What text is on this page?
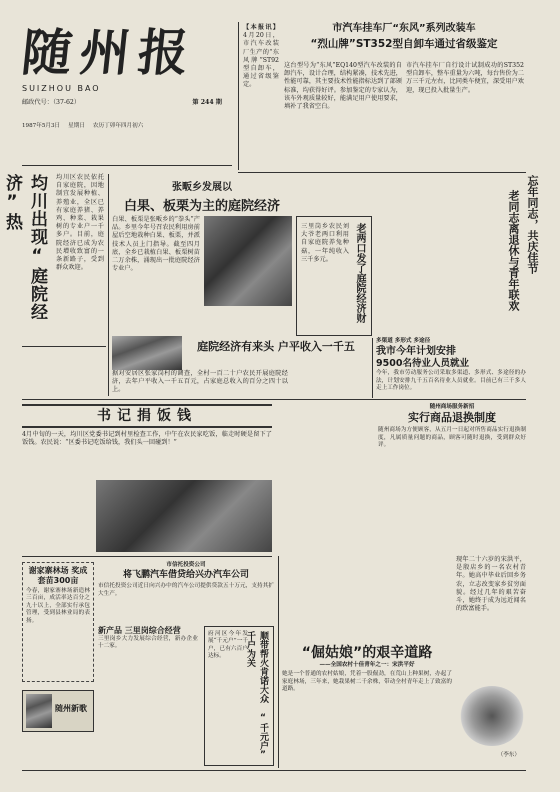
随州报
SUIZHOU BAO
邮政代号：（37-62）	第 244 期
1987年5月3日 星期日 农历丁卯年四月初六
【本报讯】 4月20日，市汽车改装厂生产的“东风牌”ST92型自卸车，通过省级鉴定。
市汽车挂车厂“东风”系列改装车
“烈山牌”ST352型自卸车通过省级鉴定
这台型号为“东风”EQ140型汽车改装的自卸汽车，设计合理，结构紧凑，技术先进，性能可靠，其主要技术性能指标达到了部颁标准，均获得好评。参加鉴定的专家认为，该车外观质量较好，能满足用户使用要求，填补了我省空白。
市汽车挂车厂自行设计试制成功的ST352型自卸车，整车重量为六吨，每台售价为二万三千元左右，比同类车便宜，深受用户欢迎，现已投入批量生产。
忘年同志，共庆佳节
老同志离退休与青年联欢
均川出现“庭院经济”热	均川区农民依托自家庭院，因地制宜发展种植、养殖业，全区已有家庭养猪、养鸡、种菜、栽果树的专业户一千多户。目前，庭院经济已成为农民增收致富的一条新路子，受到群众欢迎。
张畈乡发展以
白果、板栗为主的庭院经济
白果、板栗是张畈乡的“拳头”产品。乡里今年号召农民利用房前屋后空地栽种白果、板栗，并派技术人员上门指导。截至四月底，全乡已栽植白果、板栗树苗二万余株，涌现出一批庭院经济专业户。	老两口发了庭院经济财
三里岗乡农民刘大爷老两口利用自家庭院养兔种菇，一年纯收入三千多元。
庭院经济有来头 户平收入一千五
据对安居区张家岗村的调查，全村一百二十户农民开展庭院经济，去年户平收入一千五百元，占家庭总收入的百分之四十以上。
多渠道 多形式 多途径
我市今年计划安排
9500名待业人员就业
今年，我市劳动服务公司采取多渠道、多形式、多途径的办法，计划安排九千五百名待业人员就业。目前已有三千多人走上工作岗位。
书记捐饭钱
4月中旬的一天，均川区党委书记到村里检查工作，中午在农民家吃饭，临走时硬是留下了饭钱。农民说：“区委书记吃饭给钱，我们头一回碰到！”
随州商场服务新招
实行商品退换制度
随州商场为方便顾客，从五月一日起对所售商品实行退换制度，凡属质量问题的商品，顾客可随时退换，受到群众好评。
谢家寨林场 奖成套苗300亩
今春，谢家寨林场新造林三百亩，成活率达百分之九十以上，全部实行承包管理，受到县林业局的表扬。
市信托投资公司
将飞鹏汽车借贷给兴办汽车公司
市信托投资公司近日向兴办中的汽车公司提供贷款五十万元，支持其扩大生产。
新产品 三里岗综合经营
三里岗乡大力发展综合经营，新办企业十二家。
随州新歌	顺带帮火肯诺大众 “千元户” 千户为关
府河区今年发展“千元户”一千户，已有六百户达标。	“倔姑娘”的艰辛道路
——全国农村十佳青年之一：宋洪平好
她是一个普通的农村姑娘，凭着一股倔劲，在荒山上种果树，办起了家庭林场，三年来，她栽果树二千余株，带动全村青年走上了致富的道路。
现年二十六岁的宋洪平，是殷店乡的一名农村青年。她高中毕业后回乡务农，立志改变家乡贫穷面貌。经过几年的艰苦奋斗，她终于成为远近闻名的致富能手。
（李东）
